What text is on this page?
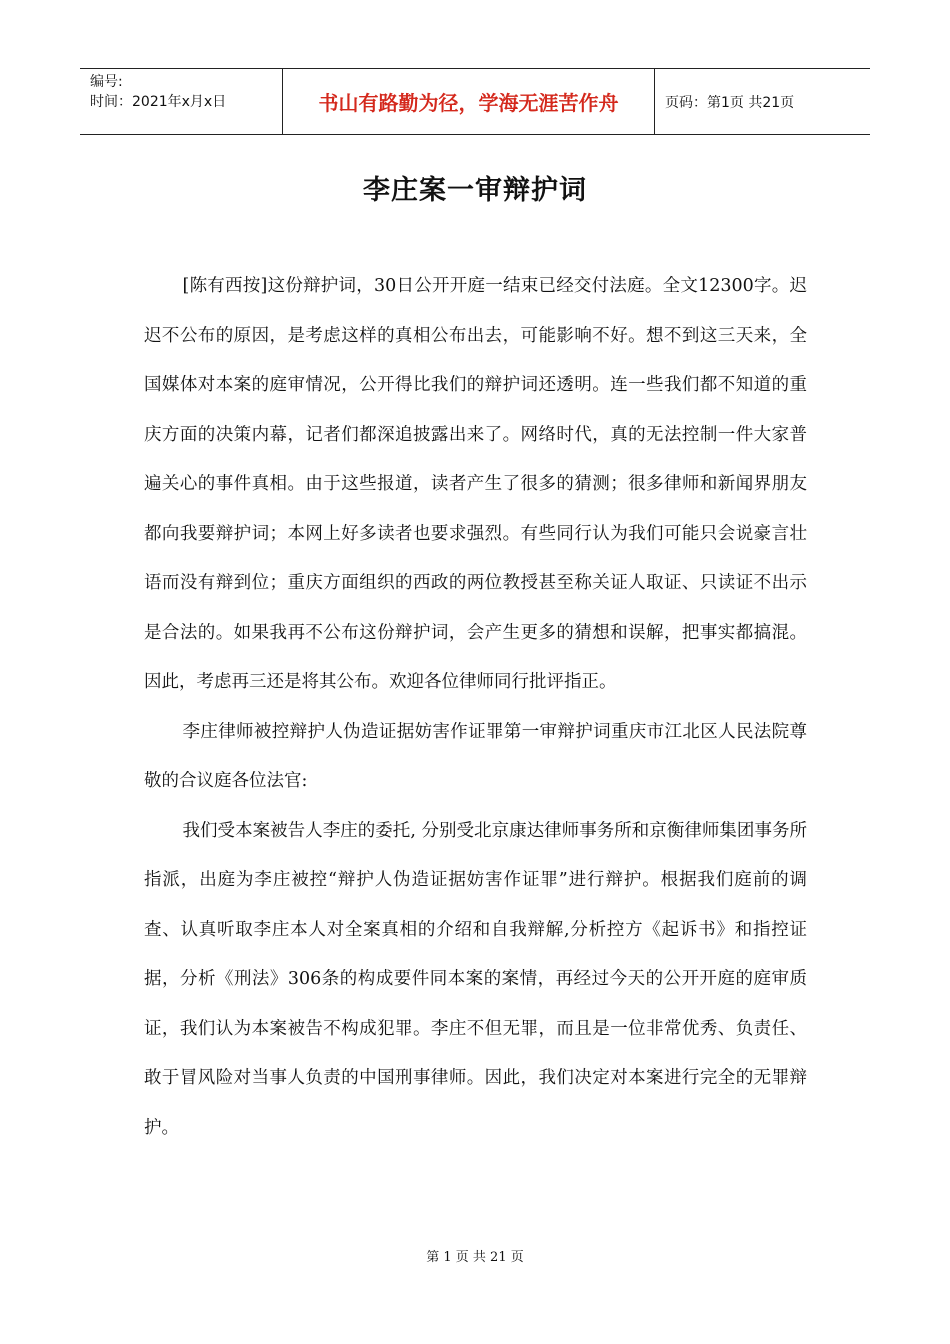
编号:
时间：2021年x月x日	书山有路勤为径，学海无涯苦作舟	页码：第1页 共21页
李庄案一审辩护词

[陈有西按]这份辩护词，30日公开开庭一结束已经交付法庭。全文12300字。迟迟不公布的原因，是考虑这样的真相公布出去，可能影响不好。想不到这三天来，全国媒体对本案的庭审情况，公开得比我们的辩护词还透明。连一些我们都不知道的重庆方面的决策内幕，记者们都深追披露出来了。网络时代，真的无法控制一件大家普遍关心的事件真相。由于这些报道，读者产生了很多的猜测；很多律师和新闻界朋友都向我要辩护词；本网上好多读者也要求强烈。有些同行认为我们可能只会说豪言壮语而没有辩到位；重庆方面组织的西政的两位教授甚至称关证人取证、只读证不出示是合法的。如果我再不公布这份辩护词，会产生更多的猜想和误解，把事实都搞混。因此，考虑再三还是将其公布。欢迎各位律师同行批评指正。

李庄律师被控辩护人伪造证据妨害作证罪第一审辩护词重庆市江北区人民法院尊敬的合议庭各位法官:

我们受本案被告人李庄的委托, 分别受北京康达律师事务所和京衡律师集团事务所指派，出庭为李庄被控“辩护人伪造证据妨害作证罪”进行辩护。根据我们庭前的调查、认真听取李庄本人对全案真相的介绍和自我辩解,分析控方《起诉书》和指控证据，分析《刑法》306条的构成要件同本案的案情，再经过今天的公开开庭的庭审质证，我们认为本案被告不构成犯罪。李庄不但无罪，而且是一位非常优秀、负责任、敢于冒风险对当事人负责的中国刑事律师。因此，我们决定对本案进行完全的无罪辩护。

第 1 页 共 21 页
